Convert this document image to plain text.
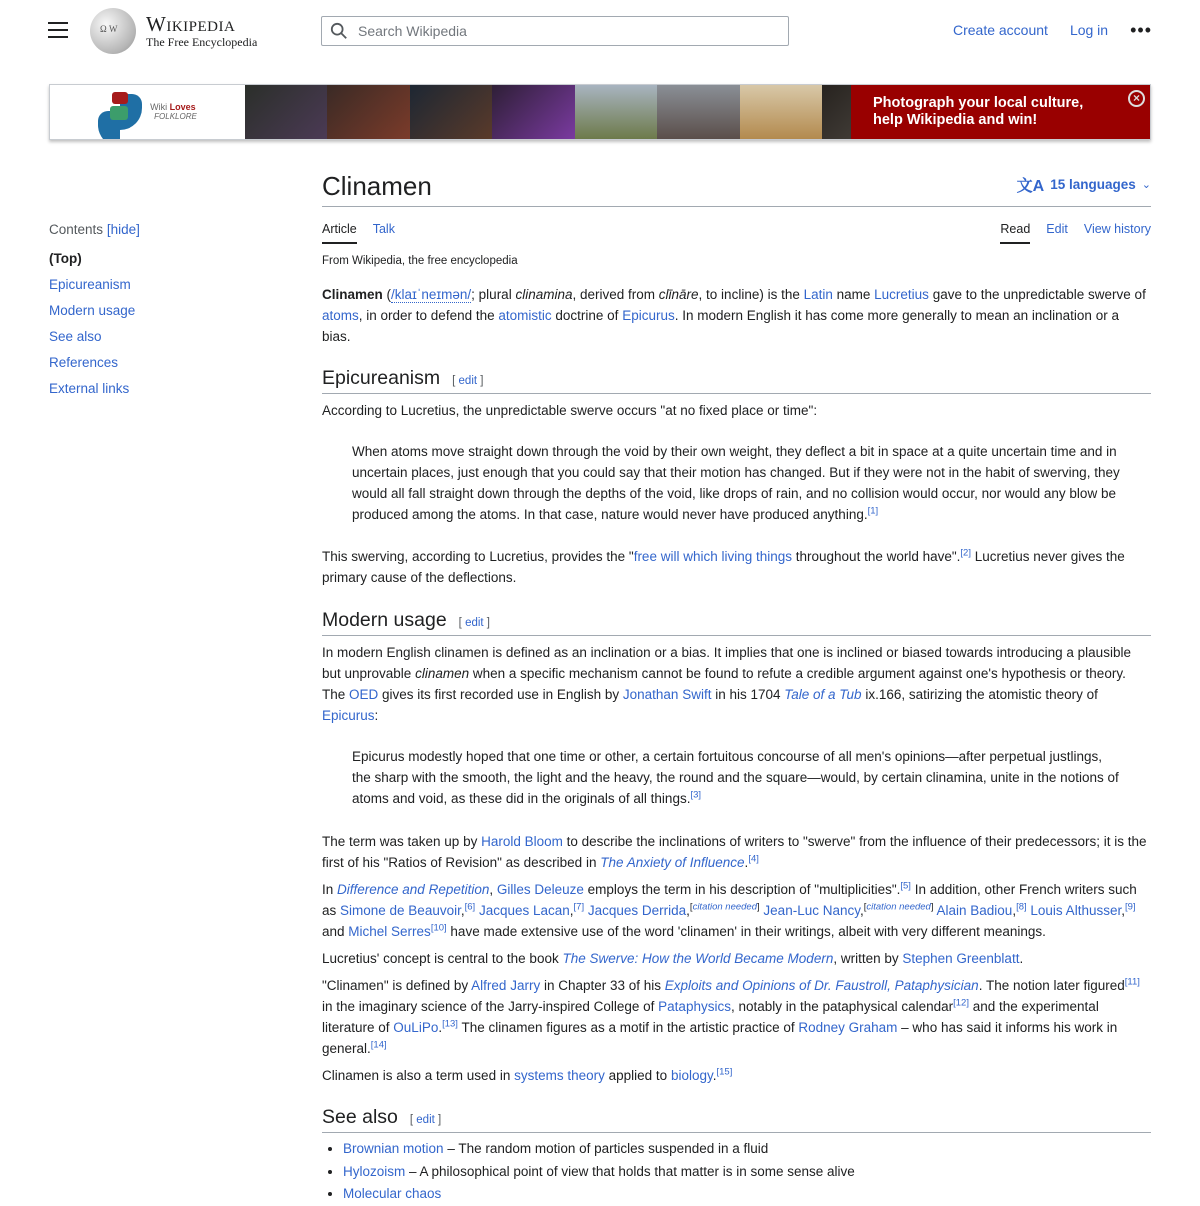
Ω W
Wikipedia
The Free Encyclopedia
Search Wikipedia
Create account Log in •••
Wiki Loves
FOLKLORE
Photograph your local culture,
help Wikipedia and win!
×
Contents [hide]
(Top)
Epicureanism
Modern usage
See also
References
External links
Clinamen	文A 15 languages ⌄
Article Talk	Read Edit View history
From Wikipedia, the free encyclopedia

Clinamen (/klaɪˈneɪmən/; plural clinamina, derived from clīnāre, to incline) is the Latin name Lucretius gave to the unpredictable swerve of atoms, in order to defend the atomistic doctrine of Epicurus. In modern English it has come more generally to mean an inclination or a bias.

Epicureanism [ edit ]

According to Lucretius, the unpredictable swerve occurs "at no fixed place or time":

When atoms move straight down through the void by their own weight, they deflect a bit in space at a quite uncertain time and in uncertain places, just enough that you could say that their motion has changed. But if they were not in the habit of swerving, they would all fall straight down through the depths of the void, like drops of rain, and no collision would occur, nor would any blow be produced among the atoms. In that case, nature would never have produced anything.[1]

This swerving, according to Lucretius, provides the "free will which living things throughout the world have".[2] Lucretius never gives the primary cause of the deflections.

Modern usage [ edit ]

In modern English clinamen is defined as an inclination or a bias. It implies that one is inclined or biased towards introducing a plausible but unprovable clinamen when a specific mechanism cannot be found to refute a credible argument against one's hypothesis or theory. The OED gives its first recorded use in English by Jonathan Swift in his 1704 Tale of a Tub ix.166, satirizing the atomistic theory of Epicurus:

Epicurus modestly hoped that one time or other, a certain fortuitous concourse of all men's opinions—after perpetual justlings, the sharp with the smooth, the light and the heavy, the round and the square—would, by certain clinamina, unite in the notions of atoms and void, as these did in the originals of all things.[3]

The term was taken up by Harold Bloom to describe the inclinations of writers to "swerve" from the influence of their predecessors; it is the first of his "Ratios of Revision" as described in The Anxiety of Influence.[4]

In Difference and Repetition, Gilles Deleuze employs the term in his description of "multiplicities".[5] In addition, other French writers such as Simone de Beauvoir,[6] Jacques Lacan,[7] Jacques Derrida,[citation needed] Jean-Luc Nancy,[citation needed] Alain Badiou,[8] Louis Althusser,[9] and Michel Serres[10] have made extensive use of the word 'clinamen' in their writings, albeit with very different meanings.

Lucretius' concept is central to the book The Swerve: How the World Became Modern, written by Stephen Greenblatt.

"Clinamen" is defined by Alfred Jarry in Chapter 33 of his Exploits and Opinions of Dr. Faustroll, Pataphysician. The notion later figured[11] in the imaginary science of the Jarry-inspired College of Pataphysics, notably in the pataphysical calendar[12] and the experimental literature of OuLiPo.[13] The clinamen figures as a motif in the artistic practice of Rodney Graham – who has said it informs his work in general.[14]

Clinamen is also a term used in systems theory applied to biology.[15]

See also [ edit ]
• Brownian motion – The random motion of particles suspended in a fluid
• Hylozoism – A philosophical point of view that holds that matter is in some sense alive
• Molecular chaos
